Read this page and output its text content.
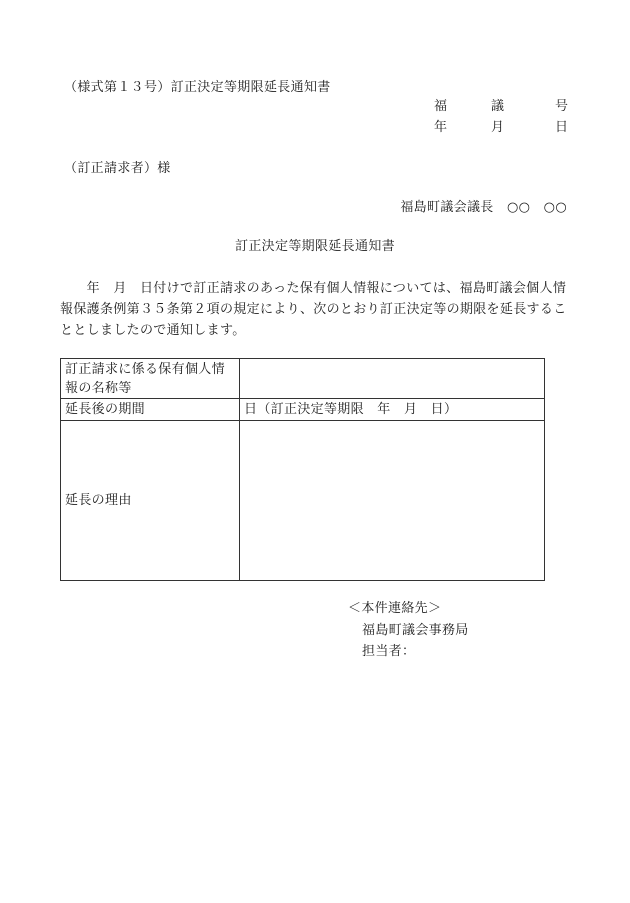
（様式第１３号）訂正決定等期限延長通知書
福	議	号
年	月	日
（訂正請求者）様
福島町議会議長　○○　○○
訂正決定等期限延長通知書
　　年　月　日付けで訂正請求のあった保有個人情報については、福島町議会個人情
報保護条例第３５条第２項の規定により、次のとおり訂正決定等の期限を延長するこ
ととしましたので通知します。
訂正請求に係る保有個人情
報の名称等	

延長後の期間	日（訂正決定等期限　年　月　日）
延長の理由	
＜本件連絡先＞
福島町議会事務局
担当者：
